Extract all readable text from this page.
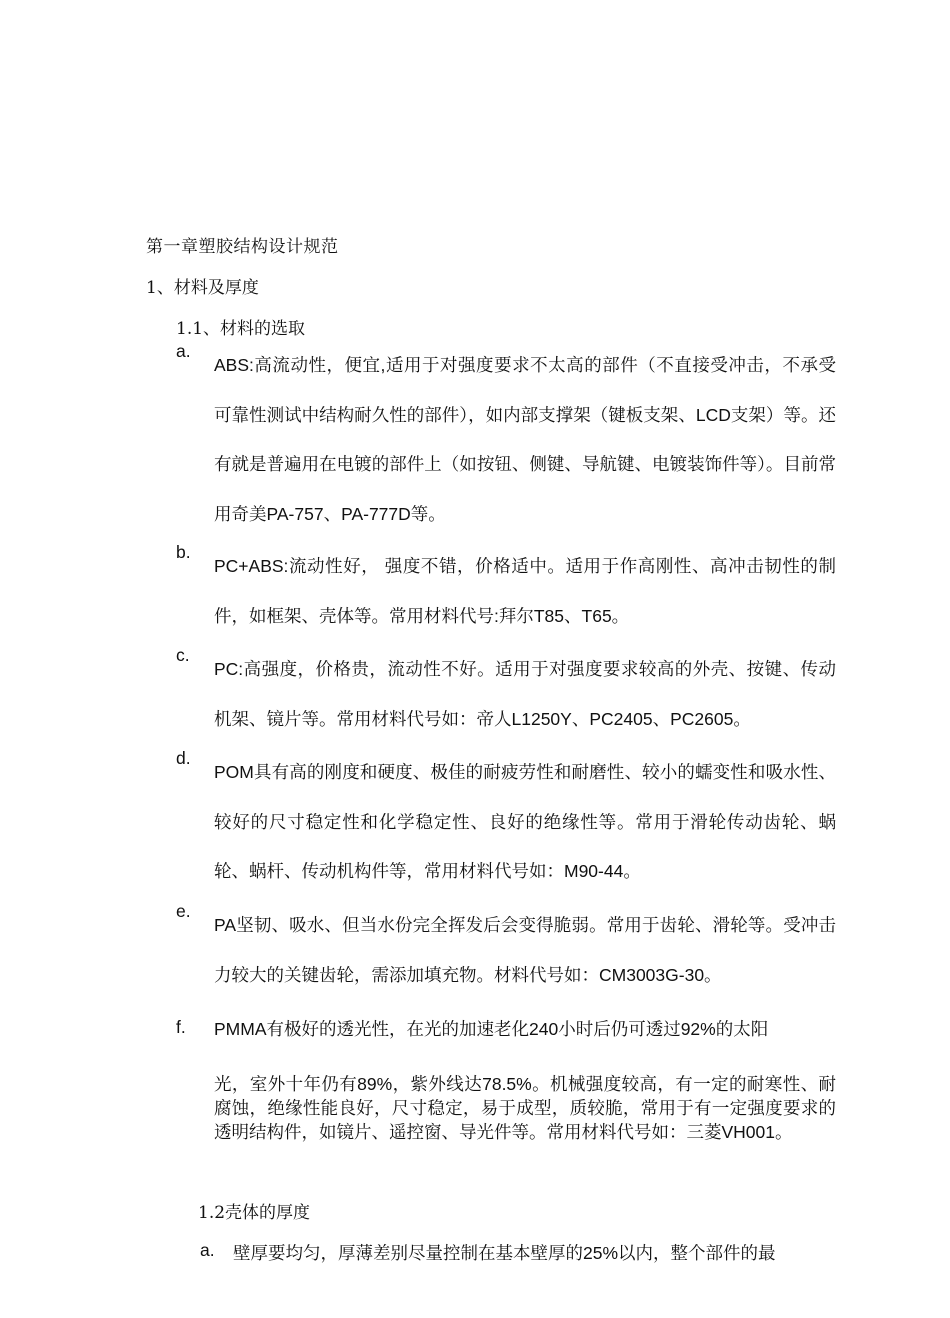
第一章塑胶结构设计规范
1、材料及厚度
1.1、材料的选取
a.
ABS:高流动性，便宜,适用于对强度要求不太高的部件（不直接受冲击，不承受可靠性测试中结构耐久性的部件），如内部支撑架（键板支架、LCD支架）等。还有就是普遍用在电镀的部件上（如按钮、侧键、导航键、电镀装饰件等）。目前常用奇美PA-757、PA-777D等。
b.
PC+ABS:流动性好， 强度不错，价格适中。适用于作高刚性、高冲击韧性的制件，如框架、壳体等。常用材料代号:拜尔T85、T65。
c.
PC:高强度，价格贵，流动性不好。适用于对强度要求较高的外壳、按键、传动机架、镜片等。常用材料代号如：帝人L1250Y、PC2405、PC2605。
d.
POM具有高的刚度和硬度、极佳的耐疲劳性和耐磨性、较小的蠕变性和吸水性、较好的尺寸稳定性和化学稳定性、良好的绝缘性等。常用于滑轮传动齿轮、蜗轮、蜗杆、传动机构件等，常用材料代号如：M90-44。
e.
PA坚韧、吸水、但当水份完全挥发后会变得脆弱。常用于齿轮、滑轮等。受冲击力较大的关键齿轮，需添加填充物。材料代号如：CM3003G-30。
f.	PMMA有极好的透光性，在光的加速老化240小时后仍可透过92%的太阳
光，室外十年仍有89%，紫外线达78.5%。机械强度较高，有一定的耐寒性、耐腐蚀，绝缘性能良好，尺寸稳定，易于成型，质较脆，常用于有一定强度要求的透明结构件，如镜片、遥控窗、导光件等。常用材料代号如：三菱VH001。
1.2壳体的厚度
a. 壁厚要均匀，厚薄差别尽量控制在基本壁厚的25%以内，整个部件的最
